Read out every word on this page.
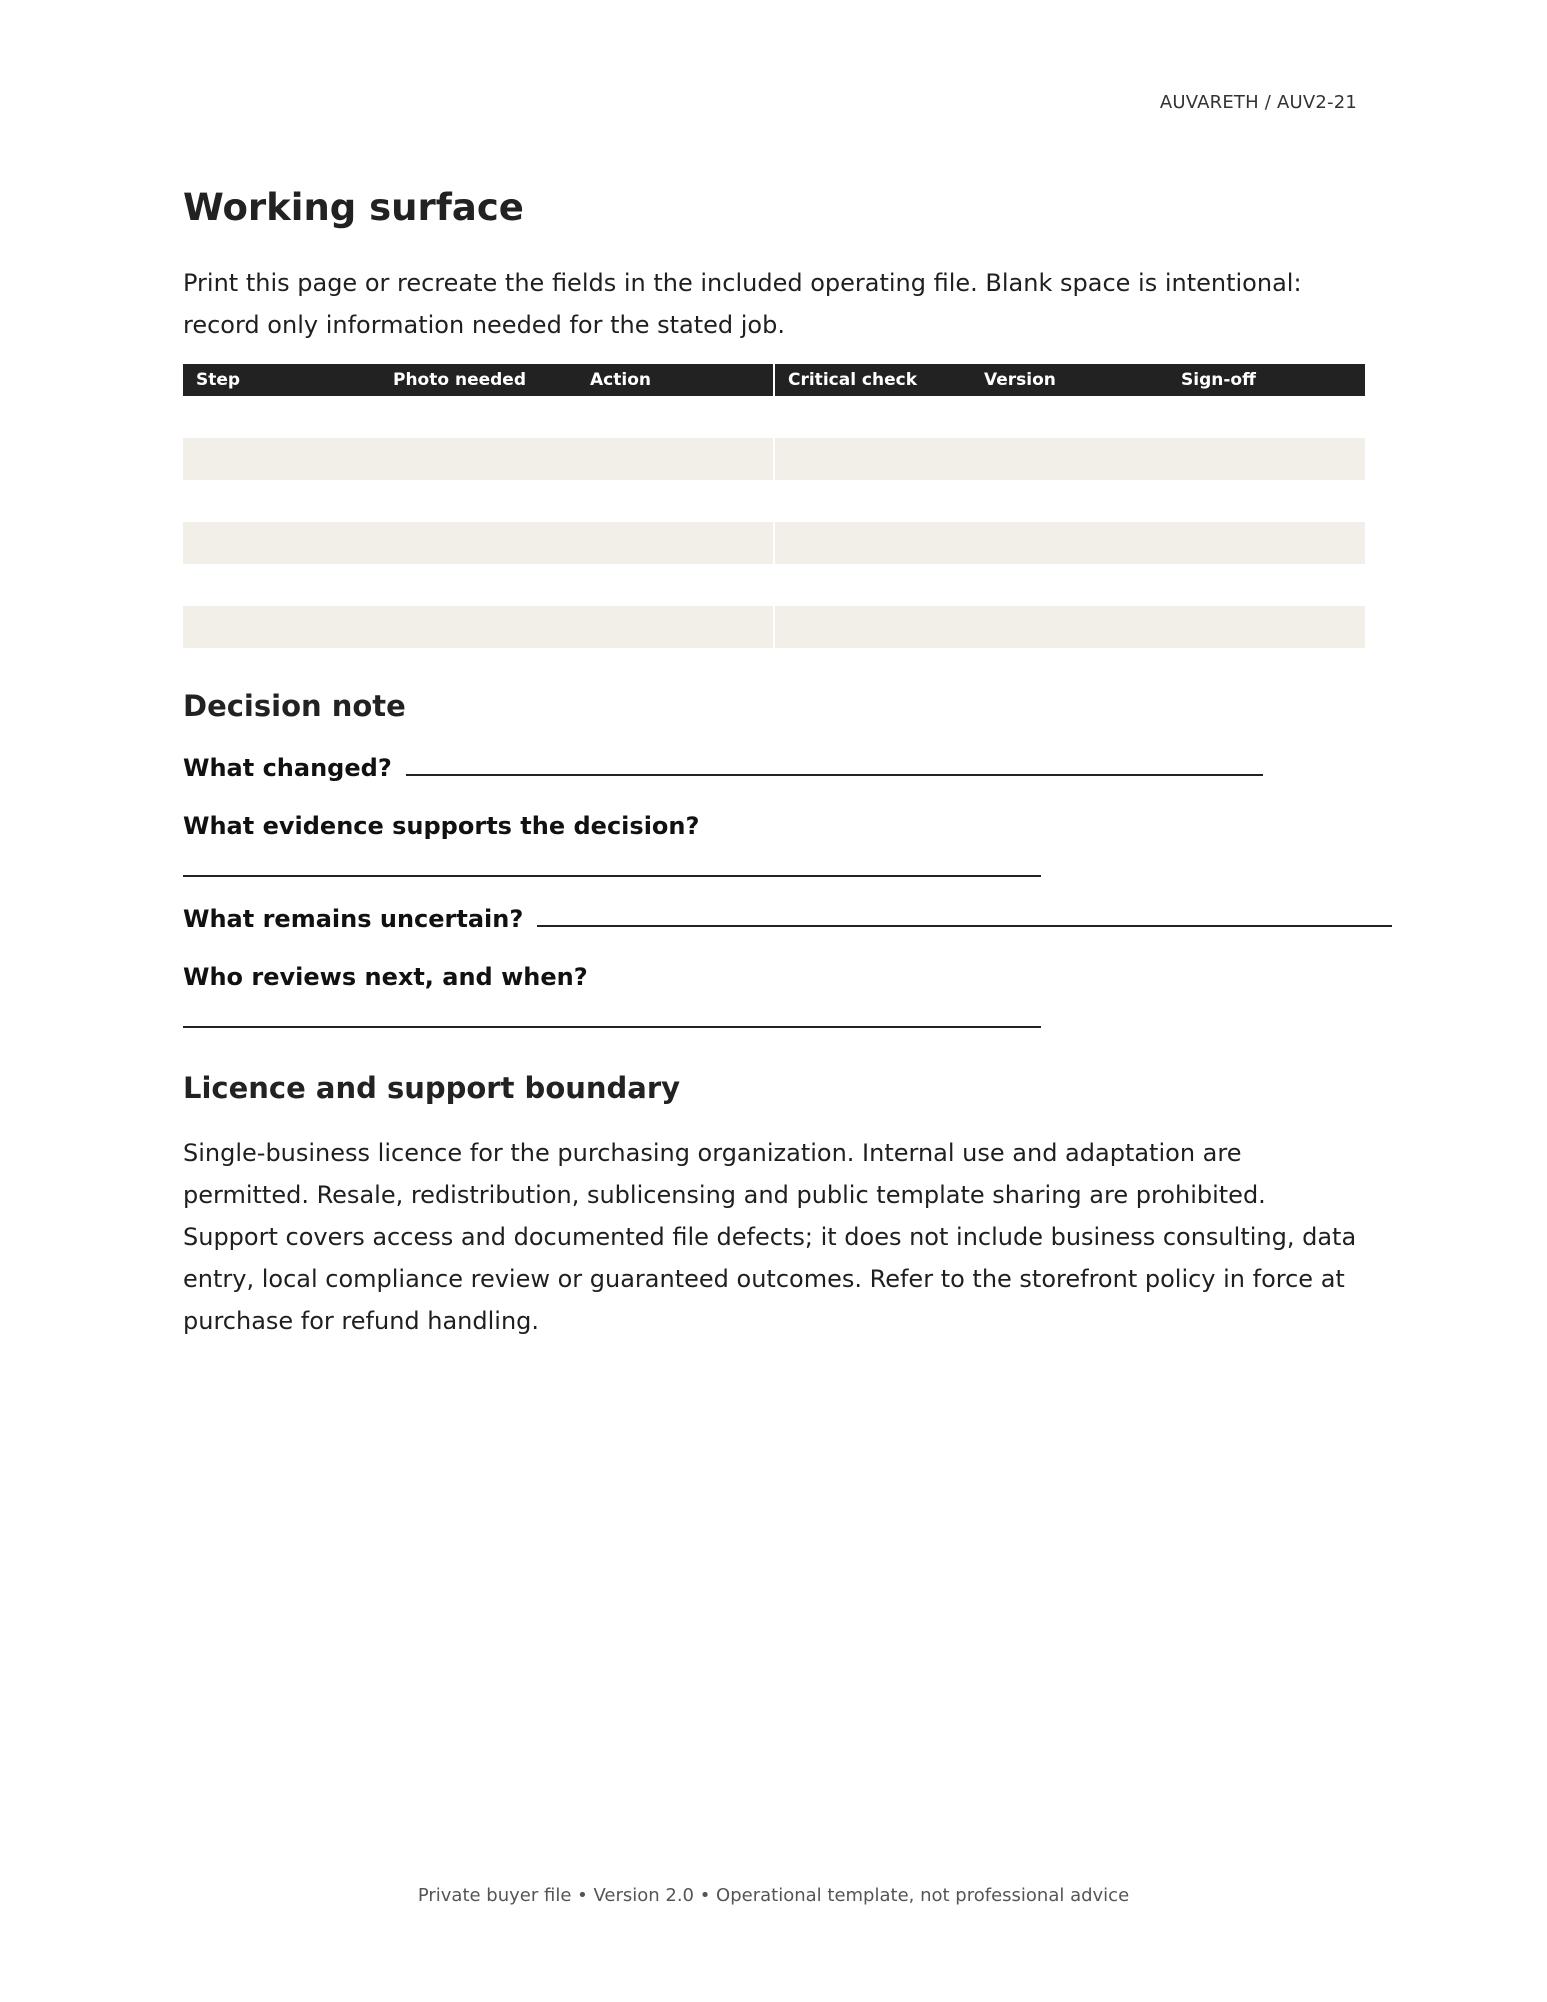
AUVARETH / AUV2-21
Working surface

Print this page or recreate the fields in the included operating file. Blank space is intentional: record only information needed for the stated job.

Step	Photo needed	Action	Critical check	Version	Sign-off

Decision note
What changed?
What evidence supports the decision?
What remains uncertain?
Who reviews next, and when?
Licence and support boundary

Single-business licence for the purchasing organization. Internal use and adaptation are permitted. Resale, redistribution, sublicensing and public template sharing are prohibited. Support covers access and documented file defects; it does not include business consulting, data entry, local compliance review or guaranteed outcomes. Refer to the storefront policy in force at purchase for refund handling.

Private buyer file • Version 2.0 • Operational template, not professional advice
